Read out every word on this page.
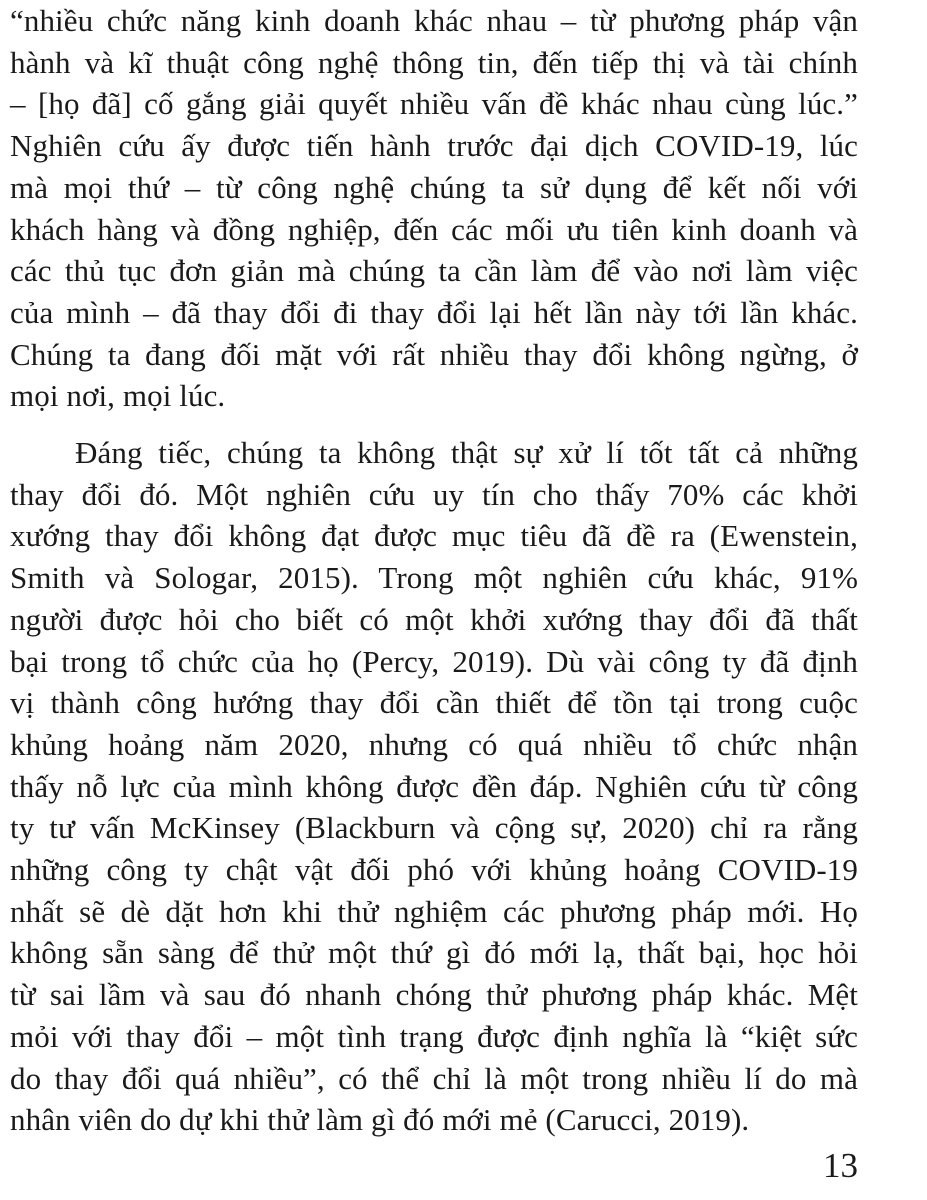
“nhiều chức năng kinh doanh khác nhau – từ phương pháp vận
hành và kĩ thuật công nghệ thông tin, đến tiếp thị và tài chính
– [họ đã] cố gắng giải quyết nhiều vấn đề khác nhau cùng lúc.”
Nghiên cứu ấy được tiến hành trước đại dịch COVID-19, lúc
mà mọi thứ – từ công nghệ chúng ta sử dụng để kết nối với
khách hàng và đồng nghiệp, đến các mối ưu tiên kinh doanh và
các thủ tục đơn giản mà chúng ta cần làm để vào nơi làm việc
của mình – đã thay đổi đi thay đổi lại hết lần này tới lần khác.
Chúng ta đang đối mặt với rất nhiều thay đổi không ngừng, ở
mọi nơi, mọi lúc.
Đáng tiếc, chúng ta không thật sự xử lí tốt tất cả những
thay đổi đó. Một nghiên cứu uy tín cho thấy 70% các khởi
xướng thay đổi không đạt được mục tiêu đã đề ra (Ewenstein,
Smith và Sologar, 2015). Trong một nghiên cứu khác, 91%
người được hỏi cho biết có một khởi xướng thay đổi đã thất
bại trong tổ chức của họ (Percy, 2019). Dù vài công ty đã định
vị thành công hướng thay đổi cần thiết để tồn tại trong cuộc
khủng hoảng năm 2020, nhưng có quá nhiều tổ chức nhận
thấy nỗ lực của mình không được đền đáp. Nghiên cứu từ công
ty tư vấn McKinsey (Blackburn và cộng sự, 2020) chỉ ra rằng
những công ty chật vật đối phó với khủng hoảng COVID-19
nhất sẽ dè dặt hơn khi thử nghiệm các phương pháp mới. Họ
không sẵn sàng để thử một thứ gì đó mới lạ, thất bại, học hỏi
từ sai lầm và sau đó nhanh chóng thử phương pháp khác. Mệt
mỏi với thay đổi – một tình trạng được định nghĩa là “kiệt sức
do thay đổi quá nhiều”, có thể chỉ là một trong nhiều lí do mà
nhân viên do dự khi thử làm gì đó mới mẻ (Carucci, 2019).
13
